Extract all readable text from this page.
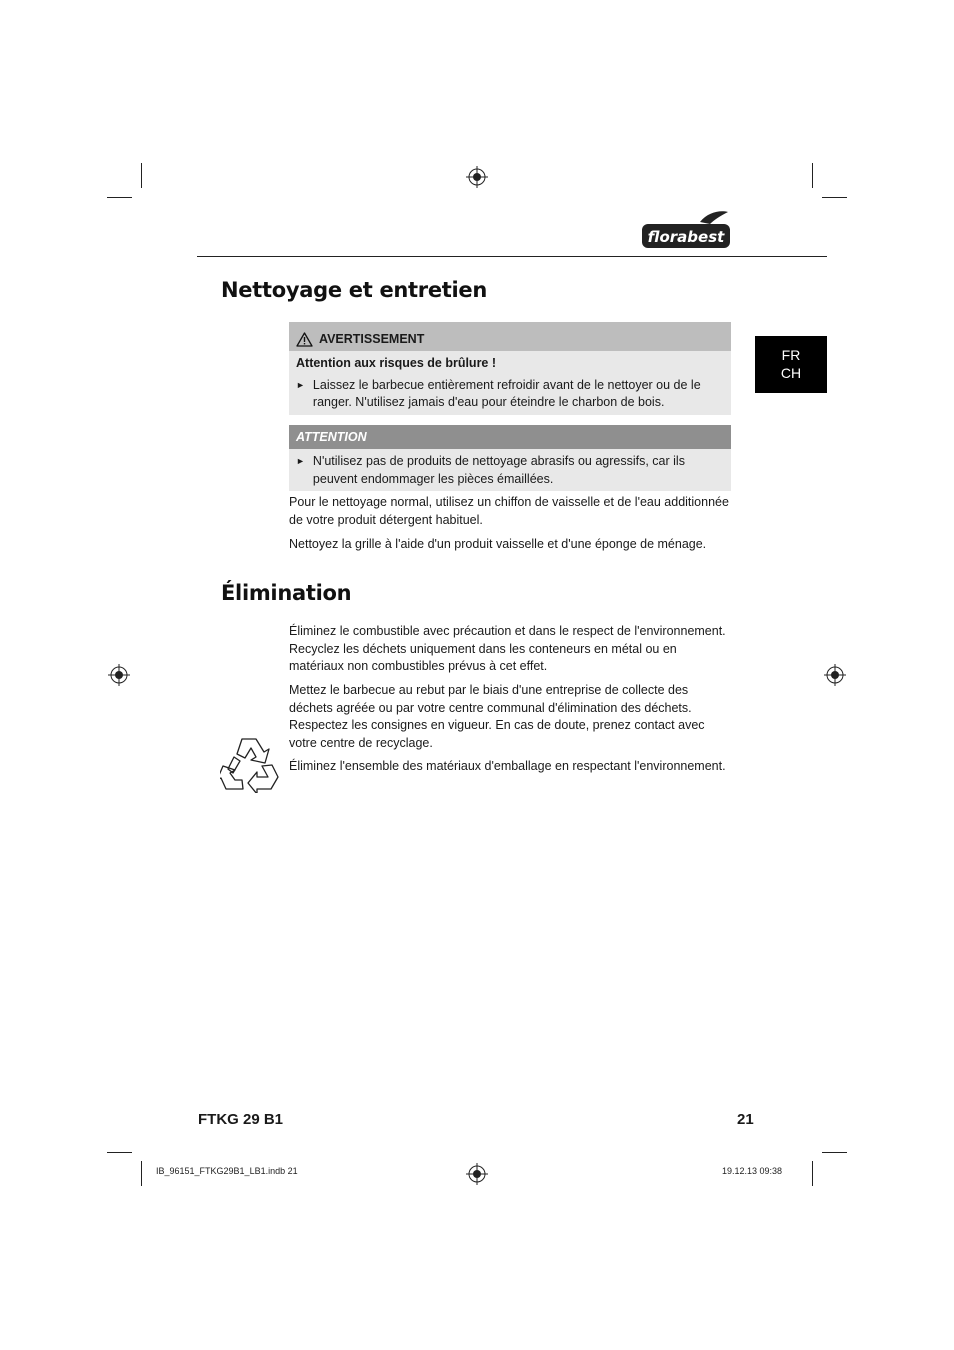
florabest
FR
CH
Nettoyage et entretien
AVERTISSEMENT
Attention aux risques de brûlure !
► Laissez le barbecue entièrement refroidir avant de le nettoyer ou de le ranger. N'utilisez jamais d'eau pour éteindre le charbon de bois.
ATTENTION
► N'utilisez pas de produits de nettoyage abrasifs ou agressifs, car ils peuvent endommager les pièces émaillées.

Pour le nettoyage normal, utilisez un chiffon de vaisselle et de l'eau additionnée de votre produit détergent habituel.

Nettoyez la grille à l'aide d'un produit vaisselle et d'une éponge de ménage.

Élimination

Éliminez le combustible avec précaution et dans le respect de l'environnement. Recyclez les déchets uniquement dans les conteneurs en métal ou en matériaux non combustibles prévus à cet effet.

Mettez le barbecue au rebut par le biais d'une entreprise de collecte des déchets agréée ou par votre centre communal d'élimination des déchets. Respectez les consignes en vigueur. En cas de doute, prenez contact avec votre centre de recyclage.

Éliminez l'ensemble des matériaux d'emballage en respectant l'environnement.

FTKG 29 B1	21
IB_96151_FTKG29B1_LB1.indb 21	19.12.13 09:38
